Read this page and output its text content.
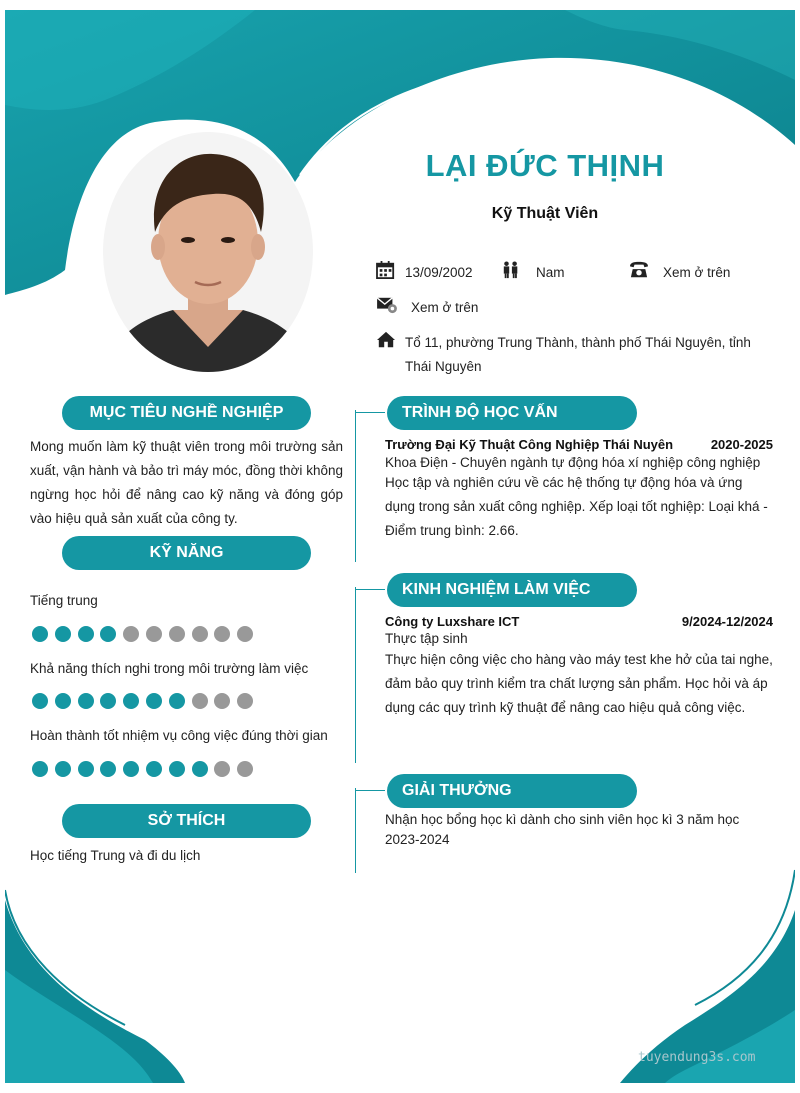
LẠI ĐỨC THỊNH
Kỹ Thuật Viên
13/09/2002	Nam	Xem ở trên
Xem ở trên
Tổ 11, phường Trung Thành, thành phố Thái Nguyên, tỉnh Thái Nguyên
MỤC TIÊU NGHỀ NGHIỆP
Mong muốn làm kỹ thuật viên trong môi trường sản xuất, vận hành và bảo trì máy móc, đồng thời không ngừng học hỏi để nâng cao kỹ năng và đóng góp vào hiệu quả sản xuất của công ty.
KỸ NĂNG
Tiếng trung
Khả năng thích nghi trong môi trường làm việc
Hoàn thành tốt nhiệm vụ công việc đúng thời gian
SỞ THÍCH
Học tiếng Trung và đi du lịch
TRÌNH ĐỘ HỌC VẤN
Trường Đại Kỹ Thuật Công Nghiệp Thái Nuyên	2020-2025
Khoa Điện - Chuyên ngành tự động hóa xí nghiệp công nghiệp
Học tập và nghiên cứu về các hệ thống tự động hóa và ứng dụng trong sản xuất công nghiệp. Xếp loại tốt nghiệp: Loại khá - Điểm trung bình: 2.66.
KINH NGHIỆM LÀM VIỆC
Công ty Luxshare ICT	9/2024-12/2024
Thực tập sinh
Thực hiện công việc cho hàng vào máy test khe hở của tai nghe, đảm bảo quy trình kiểm tra chất lượng sản phẩm. Học hỏi và áp dụng các quy trình kỹ thuật để nâng cao hiệu quả công việc.
GIẢI THƯỞNG
Nhận học bổng học kì dành cho sinh viên học kì 3 năm học 2023-2024
tuyendung3s.com
